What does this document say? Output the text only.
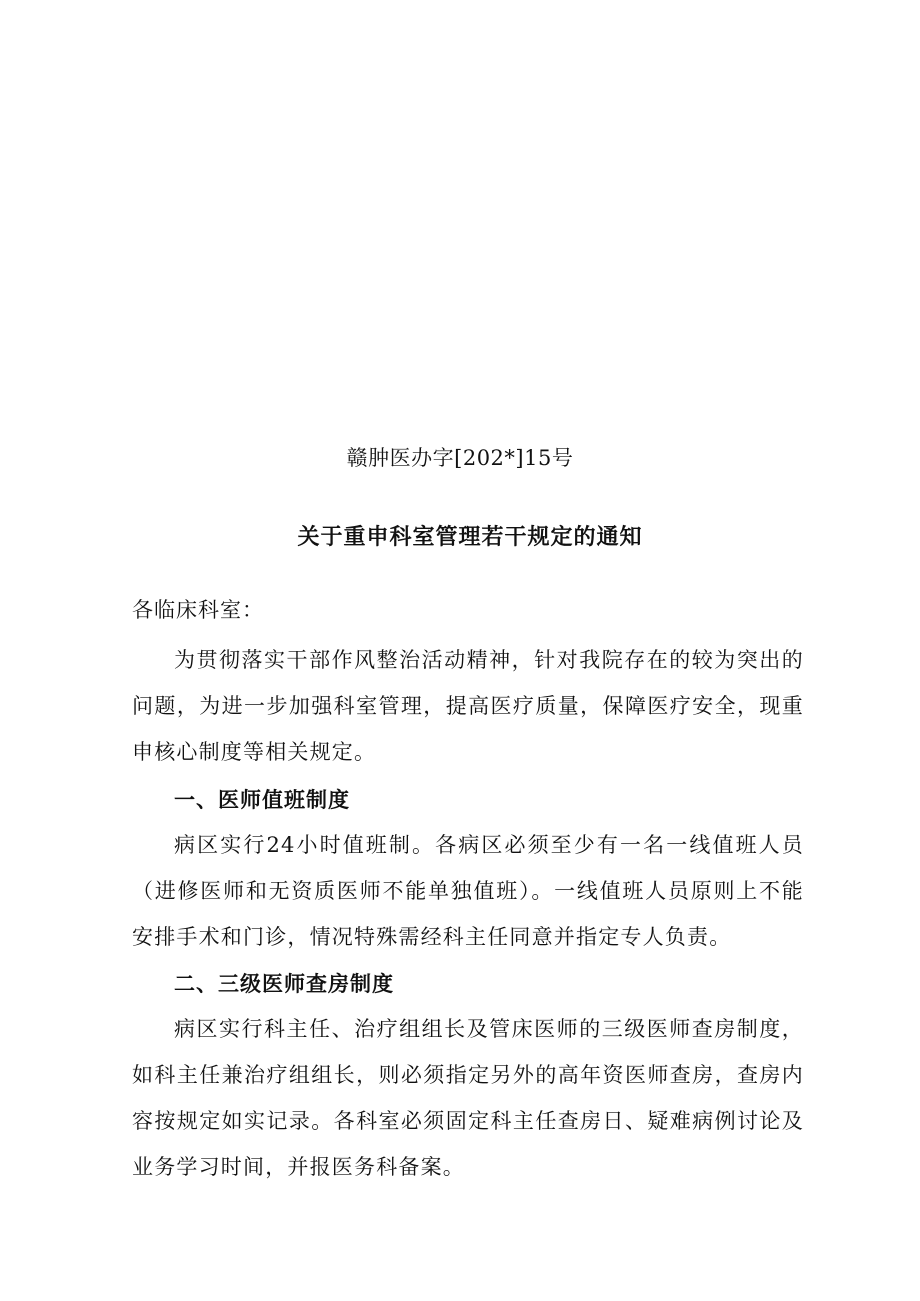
赣肿医办字[202*]15号
关于重申科室管理若干规定的通知
各临床科室：

为贯彻落实干部作风整治活动精神，针对我院存在的较为突出的问题，为进一步加强科室管理，提高医疗质量，保障医疗安全，现重申核心制度等相关规定。

一、医师值班制度

病区实行24小时值班制。各病区必须至少有一名一线值班人员（进修医师和无资质医师不能单独值班）。一线值班人员原则上不能安排手术和门诊，情况特殊需经科主任同意并指定专人负责。

二、三级医师查房制度

病区实行科主任、治疗组组长及管床医师的三级医师查房制度，如科主任兼治疗组组长，则必须指定另外的高年资医师查房，查房内容按规定如实记录。各科室必须固定科主任查房日、疑难病例讨论及业务学习时间，并报医务科备案。
